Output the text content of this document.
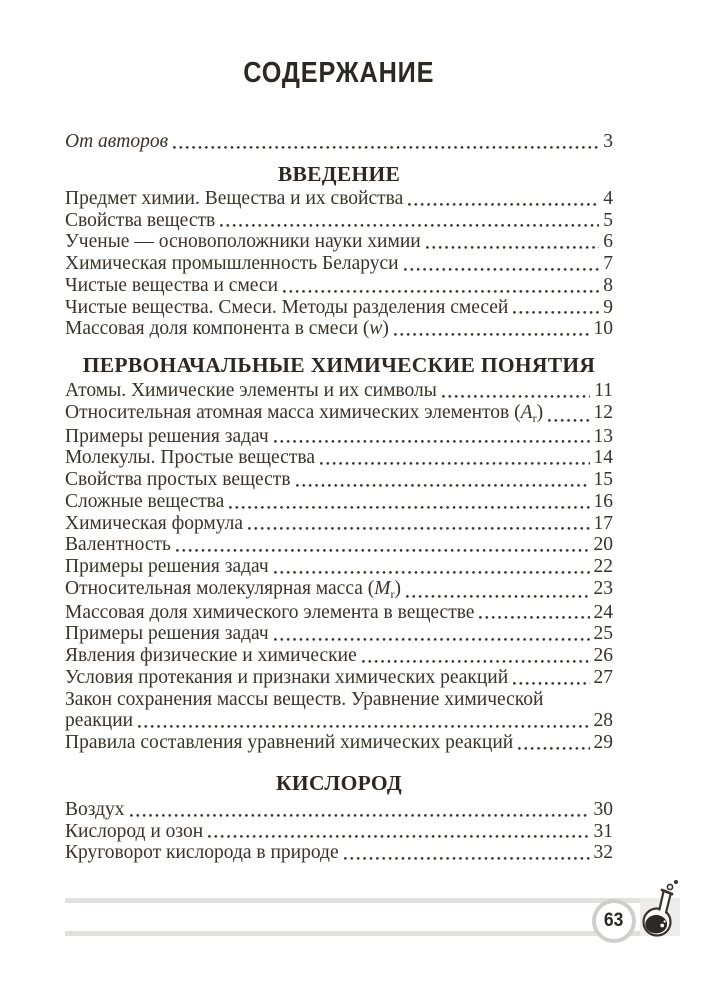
СОДЕРЖАНИЕ
От авторов	3
ВВЕДЕНИЕ
Предмет химии. Вещества и их свойства	4
Свойства веществ	5
Ученые — основоположники науки химии	6
Химическая промышленность Беларуси	7
Чистые вещества и смеси	8
Чистые вещества. Смеси. Методы разделения смесей	9
Массовая доля компонента в смеси (w)	10
ПЕРВОНАЧАЛЬНЫЕ ХИМИЧЕСКИЕ ПОНЯТИЯ
Атомы. Химические элементы и их символы	11
Относительная атомная масса химических элементов $(A_r)$	12
Примеры решения задач	13
Молекулы. Простые вещества	14
Свойства простых веществ	15
Сложные вещества	16
Химическая формула	17
Валентность	20
Примеры решения задач	22
Относительная молекулярная масса $(M_r)$	23
Массовая доля химического элемента в веществе	24
Примеры решения задач	25
Явления физические и химические	26
Условия протекания и признаки химических реакций	27
Закон сохранения массы веществ. Уравнение химической
реакции	28
Правила составления уравнений химических реакций	29
КИСЛОРОД
Воздух	30
Кислород и озон	31
Круговорот кислорода в природе	32
63
